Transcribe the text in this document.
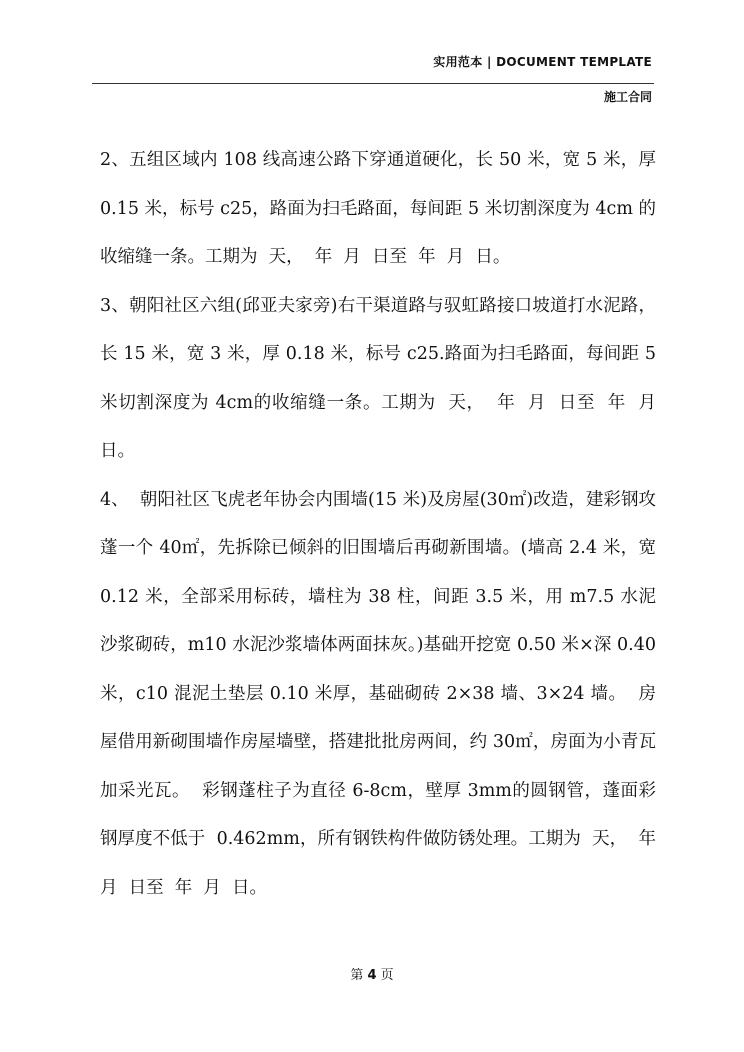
实用范本 | DOCUMENT TEMPLATE
施工合同

2、五组区域内 108 线高速公路下穿通道硬化，长 50 米，宽 5 米，厚 0.15 米，标号 c25，路面为扫毛路面，每间距 5 米切割深度为 4cm 的收缩缝一条。工期为  天，  年  月  日至  年  月  日。

3、朝阳社区六组(邱亚夫家旁)右干渠道路与驭虹路接口坡道打水泥路，长 15 米，宽 3 米，厚 0.18 米，标号 c25.路面为扫毛路面，每间距 5 米切割深度为 4cm的收缩缝一条。工期为  天，  年  月  日至  年  月  日。

4、  朝阳社区飞虎老年协会内围墙(15 米)及房屋(30㎡)改造，建彩钢攻蓬一个 40㎡，先拆除已倾斜的旧围墙后再砌新围墙。(墙高 2.4 米，宽  0.12 米，全部采用标砖，墙柱为 38 柱，间距 3.5 米，用 m7.5 水泥沙浆砌砖，m10 水泥沙浆墙体两面抹灰。)基础开挖宽 0.50 米×深 0.40 米，c10 混泥土垫层 0.10 米厚，基础砌砖 2×38 墙、3×24 墙。  房屋借用新砌围墙作房屋墙壁，搭建批批房两间，约 30㎡，房面为小青瓦加采光瓦。  彩钢蓬柱子为直径 6-8cm，壁厚 3mm的圆钢管，蓬面彩钢厚度不低于  0.462mm，所有钢铁构件做防锈处理。工期为  天，  年  月  日至  年  月  日。

第 4 页
